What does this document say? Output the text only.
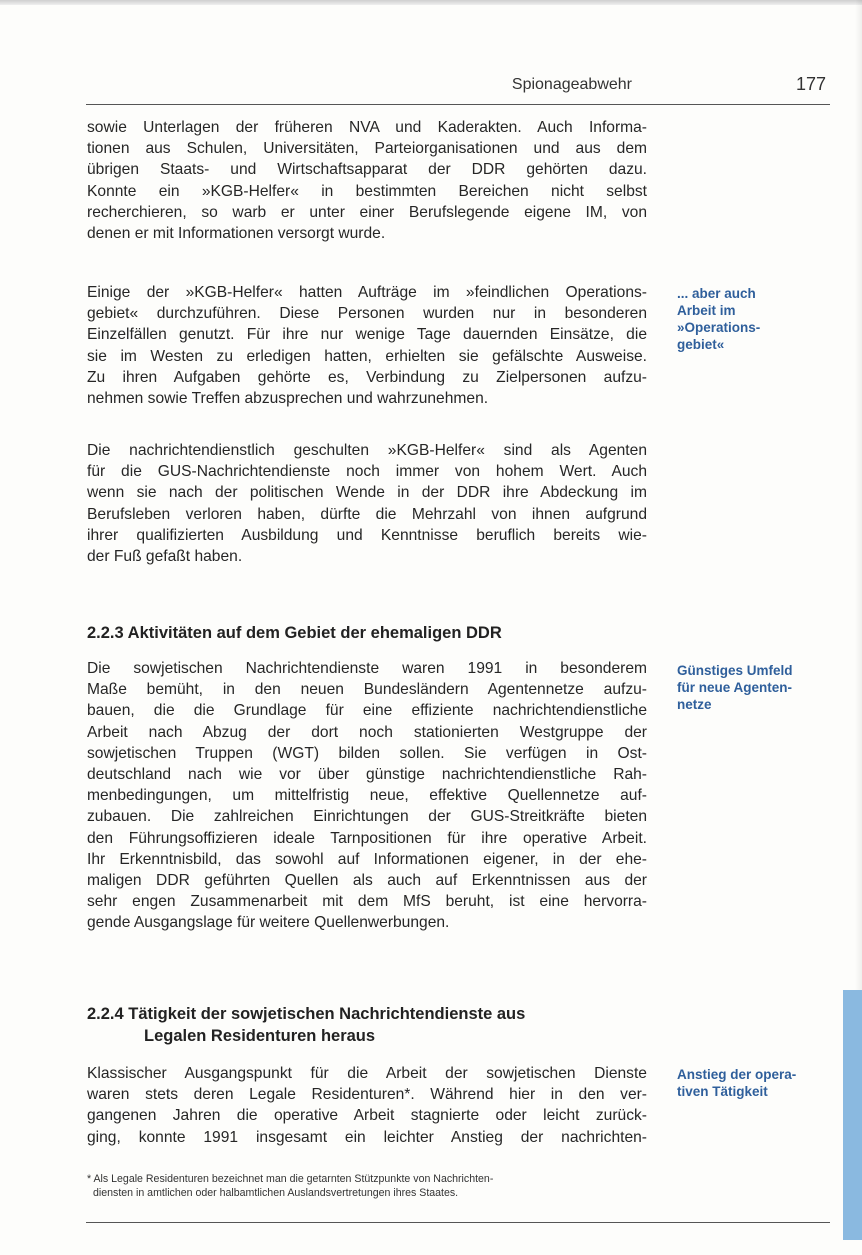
Spionageabwehr	177
sowie Unterlagen der früheren NVA und Kaderakten. Auch Informa-
tionen aus Schulen, Universitäten, Parteiorganisationen und aus dem
übrigen Staats- und Wirtschaftsapparat der DDR gehörten dazu.
Konnte ein »KGB-Helfer« in bestimmten Bereichen nicht selbst
recherchieren, so warb er unter einer Berufslegende eigene IM, von
denen er mit Informationen versorgt wurde.
Einige der »KGB-Helfer« hatten Aufträge im »feindlichen Operations-
gebiet« durchzuführen. Diese Personen wurden nur in besonderen
Einzelfällen genutzt. Für ihre nur wenige Tage dauernden Einsätze, die
sie im Westen zu erledigen hatten, erhielten sie gefälschte Ausweise.
Zu ihren Aufgaben gehörte es, Verbindung zu Zielpersonen aufzu-
nehmen sowie Treffen abzusprechen und wahrzunehmen.
... aber auch
Arbeit im
»Operations-
gebiet«
Die nachrichtendienstlich geschulten »KGB-Helfer« sind als Agenten
für die GUS-Nachrichtendienste noch immer von hohem Wert. Auch
wenn sie nach der politischen Wende in der DDR ihre Abdeckung im
Berufsleben verloren haben, dürfte die Mehrzahl von ihnen aufgrund
ihrer qualifizierten Ausbildung und Kenntnisse beruflich bereits wie-
der Fuß gefaßt haben.
2.2.3 Aktivitäten auf dem Gebiet der ehemaligen DDR
Die sowjetischen Nachrichtendienste waren 1991 in besonderem
Maße bemüht, in den neuen Bundesländern Agentennetze aufzu-
bauen, die die Grundlage für eine effiziente nachrichtendienstliche
Arbeit nach Abzug der dort noch stationierten Westgruppe der
sowjetischen Truppen (WGT) bilden sollen. Sie verfügen in Ost-
deutschland nach wie vor über günstige nachrichtendienstliche Rah-
menbedingungen, um mittelfristig neue, effektive Quellennetze auf-
zubauen. Die zahlreichen Einrichtungen der GUS-Streitkräfte bieten
den Führungsoffizieren ideale Tarnpositionen für ihre operative Arbeit.
Ihr Erkenntnisbild, das sowohl auf Informationen eigener, in der ehe-
maligen DDR geführten Quellen als auch auf Erkenntnissen aus der
sehr engen Zusammenarbeit mit dem MfS beruht, ist eine hervorra-
gende Ausgangslage für weitere Quellenwerbungen.
Günstiges Umfeld
für neue Agenten-
netze
2.2.4 Tätigkeit der sowjetischen Nachrichtendienste aus
Legalen Residenturen heraus
Klassischer Ausgangspunkt für die Arbeit der sowjetischen Dienste
waren stets deren Legale Residenturen*. Während hier in den ver-
gangenen Jahren die operative Arbeit stagnierte oder leicht zurück-
ging, konnte 1991 insgesamt ein leichter Anstieg der nachrichten-
Anstieg der opera-
tiven Tätigkeit
* Als Legale Residenturen bezeichnet man die getarnten Stützpunkte von Nachrichten-
diensten in amtlichen oder halbamtlichen Auslandsvertretungen ihres Staates.
